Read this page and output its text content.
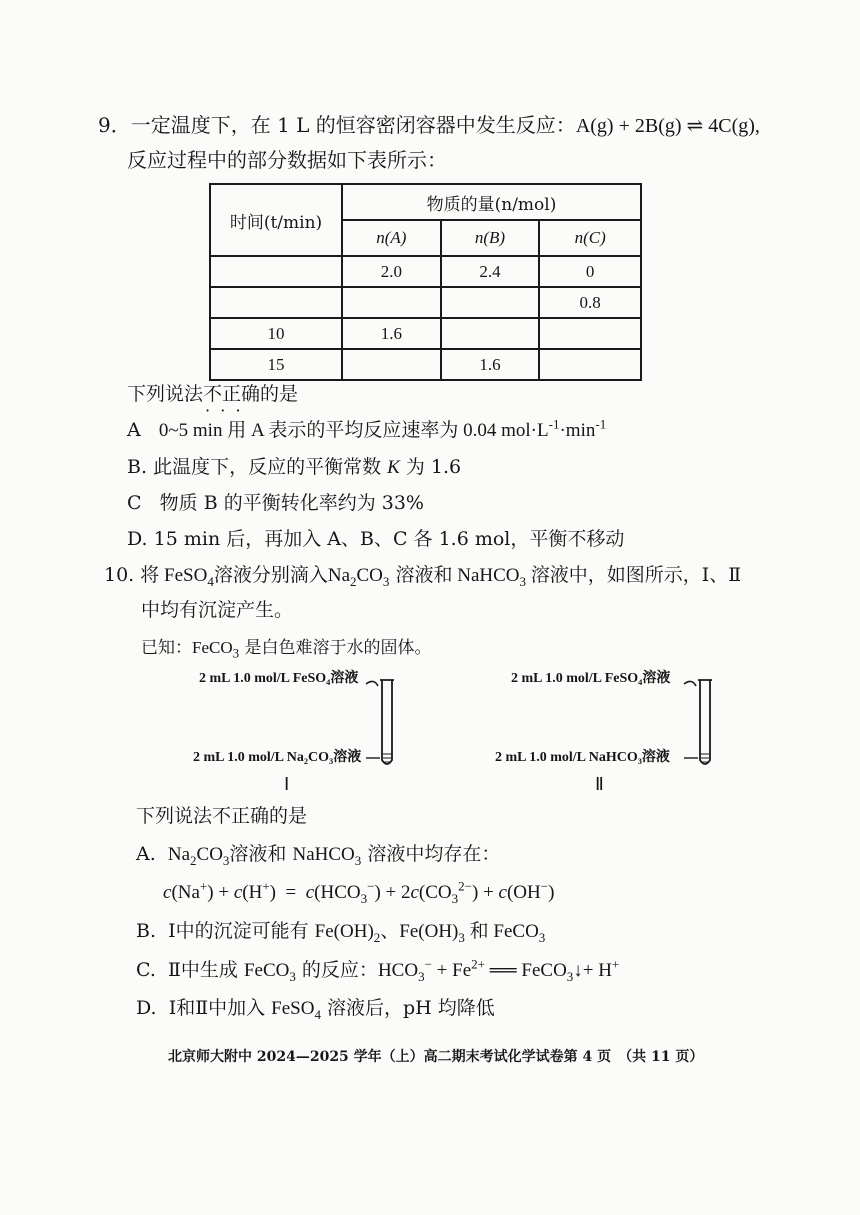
9．一定温度下，在 1 L 的恒容密闭容器中发生反应：A(g) + 2B(g) ⇌ 4C(g),
反应过程中的部分数据如下表所示：
时间(t/min)	物质的量(n/mol)		
	n(A)	n(B)	n(C)
	2.0	2.4	0
			0.8
10	1.6		
15		1.6	
下列说法不正确的是
·  ·  ·
A 0~5 min 用 A 表示的平均反应速率为 0.04 $mol\cdot L^{-1}\cdot\min^{-1}$
B. 此温度下，反应的平衡常数 K 为 1.6
C 物质 B 的平衡转化率约为 33%
D. 15 min 后，再加入 A、B、C 各 1.6 mol，平衡不移动
10. 将 FeSO$_4$溶液分别滴入$Na_2CO_3$ 溶液和 NaHCO$_3$ 溶液中，如图所示，Ⅰ、Ⅱ
中均有沉淀产生。
已知：FeCO$_3$ 是白色难溶于水的固体。
2 mL 1.0 mol/L FeSO₄溶液
2 mL 1.0 mol/L Na₂CO₃溶液
Ⅰ
2 mL 1.0 mol/L FeSO₄溶液
2 mL 1.0 mol/L NaHCO₃溶液
Ⅱ
下列说法不正确的是
A. $Na_2CO_3$溶液和 NaHCO$_3$ 溶液中均存在：
$c(Na^+) + c(H^+) = c(HCO_3^-) + 2c(CO_3^{2-}) + c(OH^-)$
B. Ⅰ中的沉淀可能有 $Fe(OH)_2$、$Fe(OH)_3$ 和 FeCO$_3$
C. Ⅱ中生成 FeCO$_3$ 的反应：$HCO_3^- + Fe^{2+}$ ══ FeCO$_3$↓+ H+
D. Ⅰ和Ⅱ中加入 FeSO$_4$ 溶液后，pH 均降低
北京师大附中 2024—2025 学年（上）高二期末考试化学试卷第 4 页　（共 11 页）
